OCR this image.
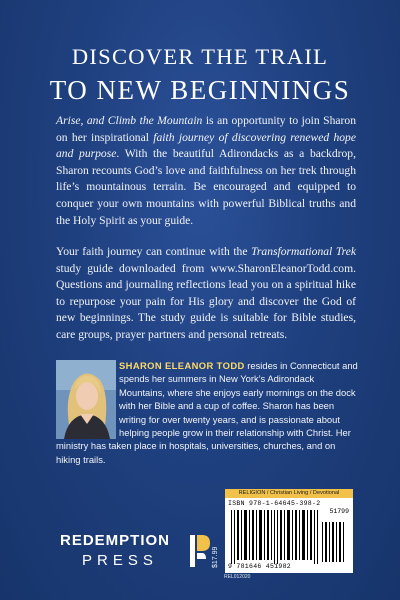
DISCOVER THE TRAIL
TO NEW BEGINNINGS
Arise, and Climb the Mountain is an opportunity to join Sharon on her inspirational faith journey of discovering renewed hope and purpose. With the beautiful Adirondacks as a backdrop, Sharon recounts God’s love and faithfulness on her trek through life’s mountainous terrain. Be encouraged and equipped to conquer your own mountains with powerful Biblical truths and the Holy Spirit as your guide.
Your faith journey can continue with the Transformational Trek study guide downloaded from www.SharonEleanorTodd.com. Questions and journaling reflections lead you on a spiritual hike to repurpose your pain for His glory and discover the God of new beginnings. The study guide is suitable for Bible studies, care groups, prayer partners and personal retreats.
SHARON ELEANOR TODD resides in Connecticut and spends her summers in New York’s Adirondack Mountains, where she enjoys early mornings on the dock with her Bible and a cup of coffee. Sharon has been writing for over twenty years, and is passionate about helping people grow in their relationship with Christ. Her ministry has taken place in hospitals, universities, churches, and on hiking trails.
REDEMPTION
PRESS	$17.99
RELIGION / Christian Living / Devotional
ISBN 978-1-64645-398-2
51799
9 781646 451982
REL012020
